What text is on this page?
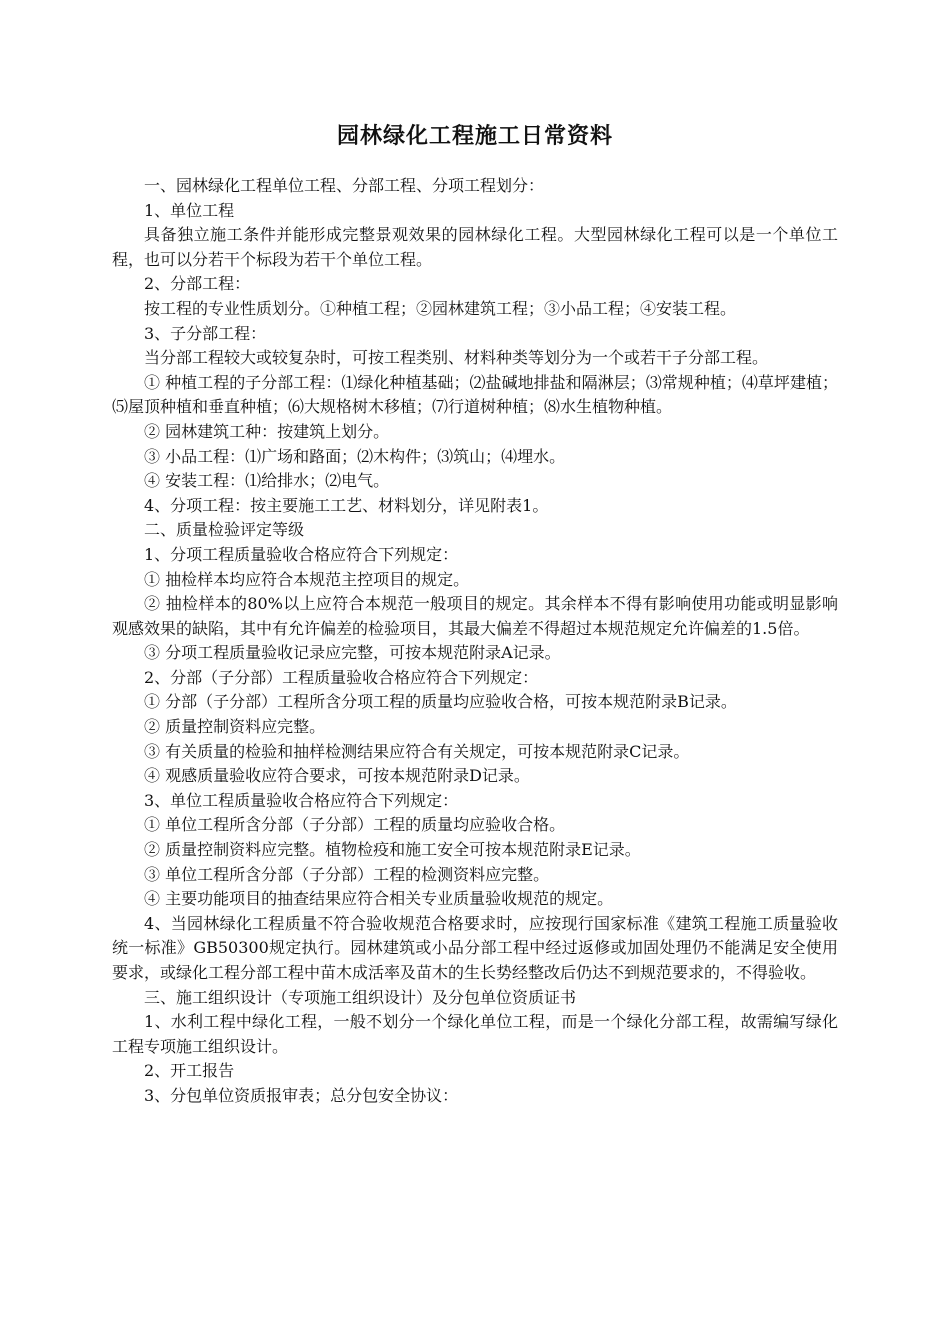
园林绿化工程施工日常资料

一、园林绿化工程单位工程、分部工程、分项工程划分：

1、单位工程

具备独立施工条件并能形成完整景观效果的园林绿化工程。大型园林绿化工程可以是一个单位工程，也可以分若干个标段为若干个单位工程。

2、分部工程：

按工程的专业性质划分。①种植工程；②园林建筑工程；③小品工程；④安装工程。

3、子分部工程：

当分部工程较大或较复杂时，可按工程类别、材料种类等划分为一个或若干子分部工程。

① 种植工程的子分部工程：⑴绿化种植基础；⑵盐碱地排盐和隔淋层；⑶常规种植；⑷草坪建植；⑸屋顶种植和垂直种植；⑹大规格树木移植；⑺行道树种植；⑻水生植物种植。

② 园林建筑工种：按建筑上划分。

③ 小品工程：⑴广场和路面；⑵木构件；⑶筑山；⑷埋水。

④ 安装工程：⑴给排水；⑵电气。

4、分项工程：按主要施工工艺、材料划分，详见附表1。

二、质量检验评定等级

1、分项工程质量验收合格应符合下列规定：

① 抽检样本均应符合本规范主控项目的规定。

② 抽检样本的80%以上应符合本规范一般项目的规定。其余样本不得有影响使用功能或明显影响观感效果的缺陷，其中有允许偏差的检验项目，其最大偏差不得超过本规范规定允许偏差的1.5倍。

③ 分项工程质量验收记录应完整，可按本规范附录A记录。

2、分部（子分部）工程质量验收合格应符合下列规定：

① 分部（子分部）工程所含分项工程的质量均应验收合格，可按本规范附录B记录。

② 质量控制资料应完整。

③ 有关质量的检验和抽样检测结果应符合有关规定，可按本规范附录C记录。

④ 观感质量验收应符合要求，可按本规范附录D记录。

3、单位工程质量验收合格应符合下列规定：

① 单位工程所含分部（子分部）工程的质量均应验收合格。

② 质量控制资料应完整。植物检疫和施工安全可按本规范附录E记录。

③ 单位工程所含分部（子分部）工程的检测资料应完整。

④ 主要功能项目的抽查结果应符合相关专业质量验收规范的规定。

4、当园林绿化工程质量不符合验收规范合格要求时，应按现行国家标准《建筑工程施工质量验收统一标准》GB50300规定执行。园林建筑或小品分部工程中经过返修或加固处理仍不能满足安全使用要求，或绿化工程分部工程中苗木成活率及苗木的生长势经整改后仍达不到规范要求的，不得验收。

三、施工组织设计（专项施工组织设计）及分包单位资质证书

1、水利工程中绿化工程，一般不划分一个绿化单位工程，而是一个绿化分部工程，故需编写绿化工程专项施工组织设计。

2、开工报告

3、分包单位资质报审表；总分包安全协议：
